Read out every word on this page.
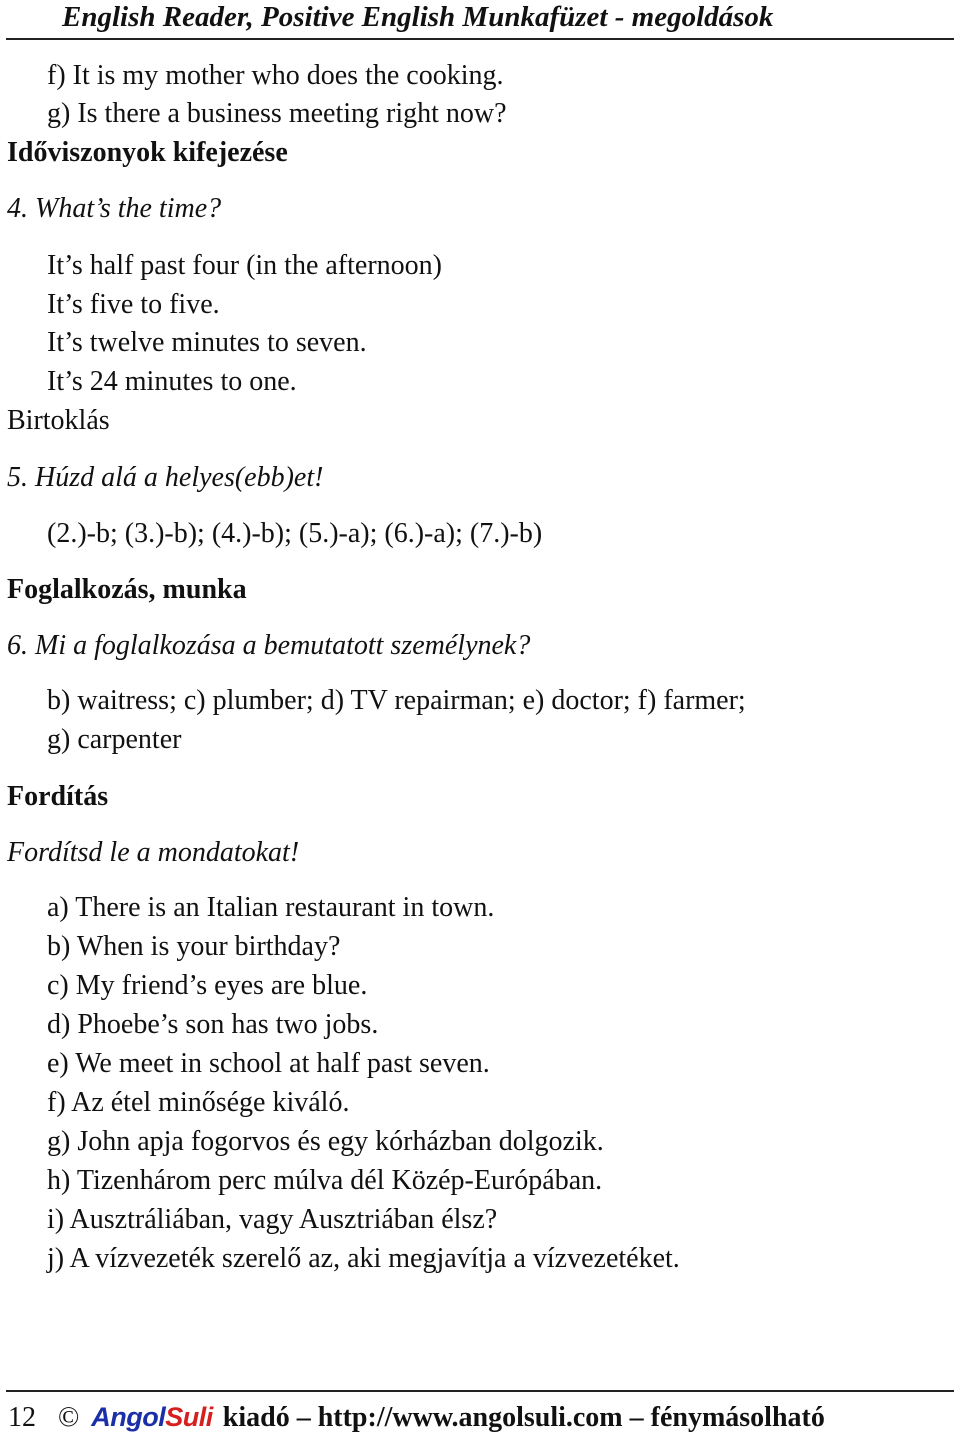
English Reader, Positive English Munkafüzet - megoldások
f) It is my mother who does the cooking.
g) Is there a business meeting right now?
Időviszonyok kifejezése
4. What’s the time?
It’s half past four (in the afternoon)
It’s five to five.
It’s twelve minutes to seven.
It’s 24 minutes to one.
Birtoklás
5. Húzd alá a helyes(ebb)et!
(2.)-b; (3.)-b); (4.)-b); (5.)-a); (6.)-a); (7.)-b)
Foglalkozás, munka
6. Mi a foglalkozása a bemutatott személynek?
b) waitress; c) plumber; d) TV repairman; e) doctor; f) farmer;
g) carpenter
Fordítás
Fordítsd le a mondatokat!
a) There is an Italian restaurant in town.
b) When is your birthday?
c) My friend’s eyes are blue.
d) Phoebe’s son has two jobs.
e) We meet in school at half past seven.
f) Az étel minősége kiváló.
g) John apja fogorvos és egy kórházban dolgozik.
h) Tizenhárom perc múlva dél Közép-Európában.
i) Ausztráliában, vagy Ausztriában élsz?
j) A vízvezeték szerelő az, aki megjavítja a vízvezetéket.
12 © AngolSuli kiadó – http://www.angolsuli.com – fénymásolható
